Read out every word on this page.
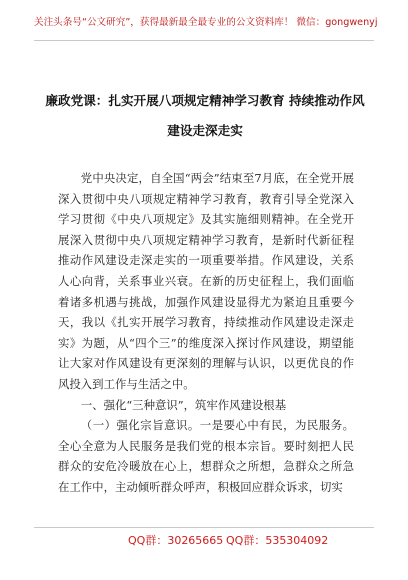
关注头条号“公文研究”，获得最新最全最专业的公文资料库！ 微信：gongwenyj
廉政党课：扎实开展八项规定精神学习教育 持续推动作风
建设走深走实

党中央决定，自全国“两会”结束至7月底，在全党开展深入贯彻中央八项规定精神学习教育，教育引导全党深入学习贯彻《中央八项规定》及其实施细则精神。在全党开展深入贯彻中央八项规定精神学习教育，是新时代新征程推动作风建设走深走实的一项重要举措。作风建设，关系人心向背，关系事业兴衰。在新的历史征程上，我们面临着诸多机遇与挑战，加强作风建设显得尤为紧迫且重要今天，我以《扎实开展学习教育，持续推动作风建设走深走实》为题，从“四个三”的维度深入探讨作风建设，期望能让大家对作风建设有更深刻的理解与认识，以更优良的作风投入到工作与生活之中。

一、强化“三种意识”，筑牢作风建设根基

（一）强化宗旨意识。一是要心中有民，为民服务。全心全意为人民服务是我们党的根本宗旨。要时刻把人民群众的安危冷暖放在心上，想群众之所想，急群众之所急在工作中，主动倾听群众呼声，积极回应群众诉求，切实

QQ群：30265665 QQ群：535304092
